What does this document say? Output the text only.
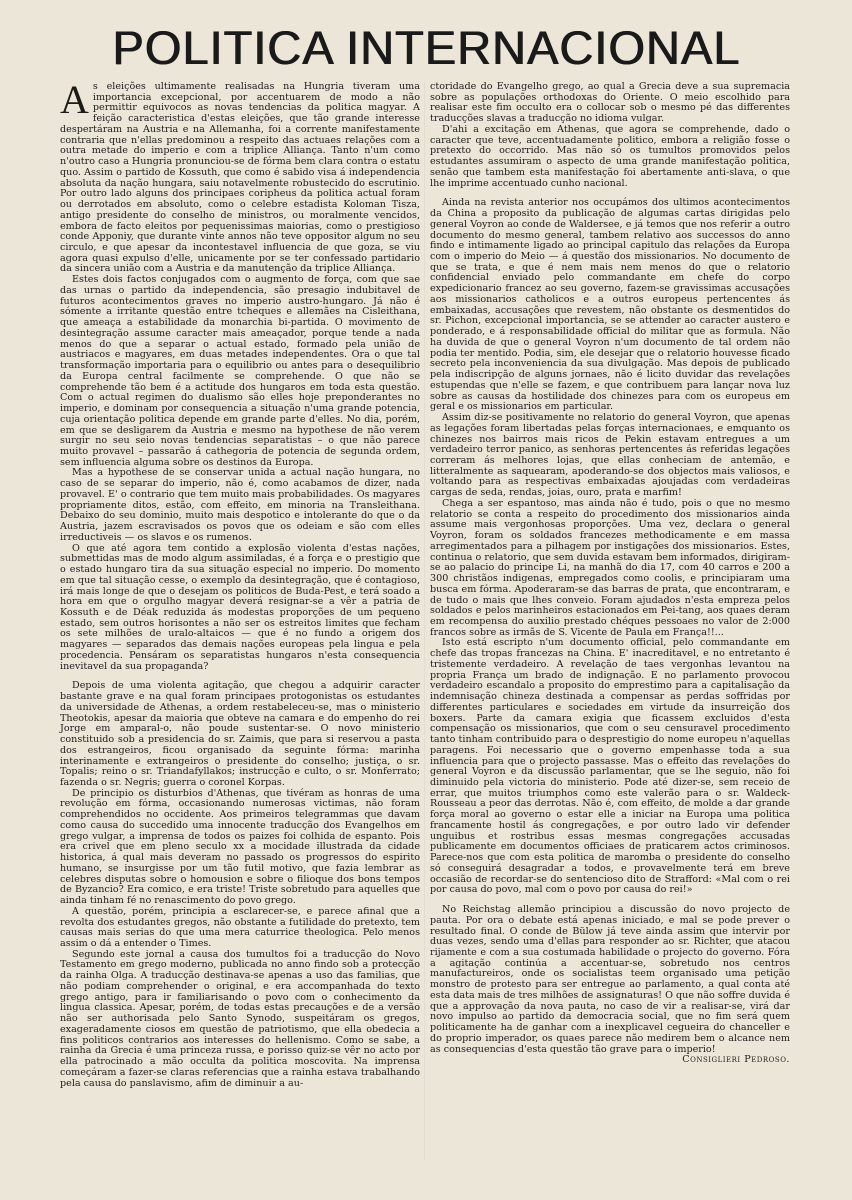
POLITICA INTERNACIONAL

As eleições ultimamente realisadas na Hungria tiveram uma importancia excepcional, por accentuarem de modo a não permittir equivocos as novas tendencias da politica magyar. A feição caracteristica d'estas eleições, que tão grande interesse despertáram na Austria e na Allemanha, foi a corrente manifestamente contraria que n'ellas predominou a respeito das actuaes relações com a outra metade do imperio e com a triplice Alliança. Tanto n'um como n'outro caso a Hungria pronunciou-se de fórma bem clara contra o estatu quo. Assim o partido de Kossuth, que como é sabido visa á independencia absoluta da nação hungara, saiu notavelmente robustecido do escrutinio. Por outro lado alguns dos principaes coripheus da politica actual foram ou derrotados em absoluto, como o celebre estadista Koloman Tisza, antigo presidente do conselho de ministros, ou moralmente vencidos, embora de facto eleitos por pequenissimas maiorias, como o prestigioso conde Apponiy, que durante vinte annos não teve oppositor algum no seu circulo, e que apesar da incontestavel influencia de que goza, se viu agora quasi expulso d'elle, unicamente por se ter confessado partidario da sincera união com a Austria e da manutenção da triplice Alliança.

Estes dois factos conjugados com o augmento de força, com que sae das urnas o partido da independencia, são presagio indubitavel de futuros acontecimentos graves no imperio austro-hungaro. Já não é sómente a irritante questão entre tcheques e allemães na Cisleithana, que ameaça a estabilidade da monarchia bi-partida. O movimento de desintegração assume caracter mais ameaçador, porque tende a nada menos do que a separar o actual estado, formado pela união de austriacos e magyares, em duas metades independentes. Ora o que tal transformação importaria para o equilibrio ou antes para o desequilibrio da Europa central facilmente se comprehende. O que não se comprehende tão bem é a actitude dos hungaros em toda esta questão. Com o actual regimen do dualismo são elles hoje preponderantes no imperio, e dominam por consequencia a situação n'uma grande potencia, cuja orientação politica depende em grande parte d'elles. No dia, porém, em que se desligarem da Austria e mesmo na hypothese de não verem surgir no seu seio novas tendencias separatistas – o que não parece muito provavel – passarão á cathegoria de potencia de segunda ordem, sem influencia alguma sobre os destinos da Europa.

Mas a hypothese de se conservar unida a actual nação hungara, no caso de se separar do imperio, não é, como acabamos de dizer, nada provavel. E' o contrario que tem muito mais probabilidades. Os magyares propriamente ditos, estão, com effeito, em minoria na Transleithana. Debaixo do seu dominio, muito mais despotico e intolerante do que o da Austria, jazem escravisados os povos que os odeiam e são com elles irreductiveis — os slavos e os rumenos.

O que até agora tem contido a explosão violenta d'estas nações, submettidas mas de modo algum assimiladas, é a força e o prestigio que o estado hungaro tira da sua situação especial no imperio. Do momento em que tal situação cesse, o exemplo da desintegração, que é contagioso, irá mais longe de que o desejam os politicos de Buda-Pest, e terá soado a hora em que o orgulho magyar deverá resignar-se a vêr a patria de Kossuth e de Déak reduzida ás modestas proporções de um pequeno estado, sem outros horisontes a não ser os estreitos limites que fecham os sete milhões de uralo-altaicos — que é no fundo a origem dos magyares — separados das demais nações europeas pela lingua e pela procedencia. Pensáram os separatistas hungaros n'esta consequencia inevitavel da sua propaganda?

Depois de uma violenta agitação, que chegou a adquirir caracter bastante grave e na qual foram principaes protogonistas os estudantes da universidade de Athenas, a ordem restabeleceu-se, mas o ministerio Theotokis, apesar da maioria que obteve na camara e do empenho do rei Jorge em amparal-o, não poude sustentar-se. O novo ministerio constituido sob a presidencia do sr. Zaimis, que para si reservou a pasta dos estrangeiros, ficou organisado da seguinte fórma: marinha interinamente e extrangeiros o presidente do conselho; justiça, o sr. Topalis; reino o sr. Triandafyllakos; instrucção e culto, o sr. Monferrato; fazenda o sr. Negris; guerra o coronel Korpas.

De principio os disturbios d'Athenas, que tivéram as honras de uma revolução em fórma, occasionando numerosas victimas, não foram comprehendidos no occidente. Aos primeiros telegrammas que davam como causa do succedido uma innocente traducção dos Evangelhos em grego vulgar, a imprensa de todos os paizes foi colhida de espanto. Pois era crivel que em pleno seculo xx a mocidade illustrada da cidade historica, á qual mais deveram no passado os progressos do espirito humano, se insurgisse por um tão futil motivo, que fazia lembrar as celebres disputas sobre o homousion e sobre o filioque dos bons tempos de Byzancio? Era comico, e era triste! Triste sobretudo para aquelles que ainda tinham fé no renascimento do povo grego.

A questão, porém, principia a esclarecer-se, e parece afinal que a revolta dos estudantes gregos, não obstante a futilidade do pretexto, tem causas mais serias do que uma mera caturrice theologica. Pelo menos assim o dá a entender o Times.

Segundo este jornal a causa dos tumultos foi a traducção do Novo Testamento em grego moderno, publicada no anno findo sob a protecção da rainha Olga. A traducção destinava-se apenas a uso das familias, que não podiam comprehender o original, e era accompanhada do texto grego antigo, para ir familiarisando o povo com o conhecimento da lingua classica. Apesar, porém, de todas estas precauções e de a versão não ser authorisada pelo Santo Synodo, suspeitáram os gregos, exageradamente ciosos em questão de patriotismo, que ella obedecia a fins politicos contrarios aos interesses do hellenismo. Como se sabe, a rainha da Grecia é uma princeza russa, e porisso quiz-se vêr no acto por ella patrocinado a mão occulta da politica moscovita. Na imprensa começáram a fazer-se claras referencias que a rainha estava trabalhando pela causa do panslavismo, afim de diminuir a au-

ctoridade do Evangelho grego, ao qual a Grecia deve a sua supremacia sobre as populações orthodoxas do Oriente. O meio escolhido para realisar este fim occulto era o collocar sob o mesmo pé das differentes traducções slavas a traducção no idioma vulgar.

D'ahi a excitação em Athenas, que agora se comprehende, dado o caracter que teve, accentuadamente politico, embora a religião fosse o pretexto do occorrido. Mas não só os tumultos promovidos pelos estudantes assumiram o aspecto de uma grande manifestação politica, senão que tambem esta manifestação foi abertamente anti-slava, o que lhe imprime accentuado cunho nacional.

Ainda na revista anterior nos occupámos dos ultimos acontecimentos da China a proposito da publicação de algumas cartas dirigidas pelo general Voyron ao conde de Waldersee, e já temos que nos referir a outro documento do mesmo general, tambem relativo aos successos do anno findo e intimamente ligado ao principal capitulo das relações da Europa com o imperio do Meio — á questão dos missionarios. No documento de que se trata, e que é nem mais nem menos do que o relatorio confidencial enviado pelo commandante em chefe do corpo expedicionario francez ao seu governo, fazem-se gravissimas accusações aos missionarios catholicos e a outros europeus pertencentes ás embaixadas, accusações que revestem, não obstante os desmentidos do sr. Pichon, excepcional importancia, se se attender ao caracter austero e ponderado, e á responsabilidade official do militar que as formula. Não ha duvida de que o general Voyron n'um documento de tal ordem não podia ter mentido. Podia, sim, ele desejar que o relatorio houvesse ficado secreto pela inconveniencia da sua divulgação. Mas depois de publicado pela indiscripção de alguns jornaes, não é licito duvidar das revelações estupendas que n'elle se fazem, e que contribuem para lançar nova luz sobre as causas da hostilidade dos chinezes para com os europeus em geral e os missionarios em particular.

Assim diz-se positivamente no relatorio do general Voyron, que apenas as legações foram libertadas pelas forças internacionaes, e emquanto os chinezes nos bairros mais ricos de Pekin estavam entregues a um verdadeiro terror panico, as senhoras pertencentes ás referidas legações correram ás melhores lojas, que ellas conheciam de antemão, e litteralmente as saquearam, apoderando-se dos objectos mais valiosos, e voltando para as respectivas embaixadas ajoujadas com verdadeiras cargas de seda, rendas, joias, ouro, prata e marfim!

Chega a ser espantoso, mas ainda não é tudo, pois o que no mesmo relatorio se conta a respeito do procedimento dos missionarios ainda assume mais vergonhosas proporções. Uma vez, declara o general Voyron, foram os soldados francezes methodicamente e em massa arregimentados para a pilhagem por instigações dos missionarios. Estes, continua o relatorio, que sem duvida estavam bem informados, dirigiram-se ao palacio do principe Li, na manhã do dia 17, com 40 carros e 200 a 300 christãos indigenas, empregados como coolis, e principiaram uma busca em fórma. Apoderaram-se das barras de prata, que encontraram, e de tudo o mais que lhes conveio. Foram ajudados n'esta empreza pelos soldados e pelos marinheiros estacionados em Pei-tang, aos quaes deram em recompensa do auxilio prestado chéques pessoaes no valor de 2:000 francos sobre as irmãs de S. Vicente de Paula em França!!...

Isto está escripto n'um documento official, pelo commandante em chefe das tropas francezas na China. E' inacreditavel, e no entretanto é tristemente verdadeiro. A revelação de taes vergonhas levantou na propria França um brado de indignação. E no parlamento provocou verdadeiro escandalo a proposito do emprestimo para a capitalisação da indemnisação chineza destinada a compensar as perdas soffridas por differentes particulares e sociedades em virtude da insurreição dos boxers. Parte da camara exigia que ficassem excluidos d'esta compensação os missionarios, que com o seu censuravel procedimento tanto tinham contribuido para o desprestigio do nome europeu n'aquellas paragens. Foi necessario que o governo empenhasse toda a sua influencia para que o projecto passasse. Mas o effeito das revelações do general Voyron e da discussão parlamentar, que se lhe seguio, não foi diminuido pela victoria do ministerio. Pode até dizer-se, sem receio de errar, que muitos triumphos como este valerão para o sr. Waldeck-Rousseau a peor das derrotas. Não é, com effeito, de molde a dar grande força moral ao governo o estar elle a iniciar na Europa uma politica francamente hostil ás congregações, e por outro lado vir defender unguibus et rostribus essas mesmas congregações accusadas publicamente em documentos officiaes de praticarem actos criminosos. Parece-nos que com esta politica de maromba o presidente do conselho só conseguirá desagradar a todos, e provavelmente terá em breve occasião de recordar-se do sentencioso dito de Strafford: «Mal com o rei por causa do povo, mal com o povo por causa do rei!»

No Reichstag allemão principiou a discussão do novo projecto de pauta. Por ora o debate está apenas iniciado, e mal se pode prever o resultado final. O conde de Bülow já teve ainda assim que intervir por duas vezes, sendo uma d'ellas para responder ao sr. Richter, que atacou rijamente e com a sua costumada habilidade o projecto do governo. Fóra a agitação continúa a accentuar-se, sobretudo nos centros manufactureiros, onde os socialistas teem organisado uma petição monstro de protesto para ser entregue ao parlamento, a qual conta até esta data mais de tres milhões de assignaturas! O que não soffre duvida é que a approvação da nova pauta, no caso de vir a realisar-se, virá dar novo impulso ao partido da democracia social, que no fim será quem politicamente ha de ganhar com a inexplicavel cegueira do chanceller e do proprio imperador, os quaes parece não medirem bem o alcance nem as consequencias d'esta questão tão grave para o imperio!

Consiglieri Pedroso.
